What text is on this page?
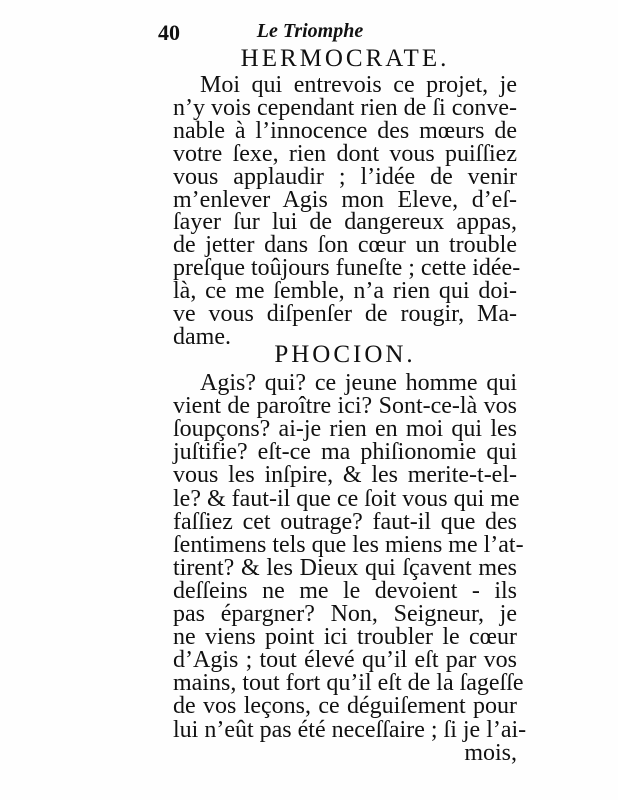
40	Le Triomphe
HERMOCRATE.
Moi qui entrevois ce projet, je
n’y vois cependant rien de ſi conve-
nable à l’innocence des mœurs de
votre ſexe, rien dont vous puiſſiez
vous applaudir ; l’idée de venir
m’enlever Agis mon Eleve, d’eſ-
ſayer ſur lui de dangereux appas,
de jetter dans ſon cœur un trouble
preſque toûjours funeſte ; cette idée-
là, ce me ſemble, n’a rien qui doi-
ve vous diſpenſer de rougir, Ma-
dame.
PHOCION.
Agis? qui? ce jeune homme qui
vient de paroître ici? Sont-ce-là vos
ſoupçons? ai-je rien en moi qui les
juſtifie? eſt-ce ma phiſionomie qui
vous les inſpire, & les merite-t-el-
le? & faut-il que ce ſoit vous qui me
faſſiez cet outrage? faut-il que des
ſentimens tels que les miens me l’at-
tirent? & les Dieux qui ſçavent mes
deſſeins ne me le devoient - ils
pas épargner? Non, Seigneur, je
ne viens point ici troubler le cœur
d’Agis ; tout élevé qu’il eſt par vos
mains, tout fort qu’il eſt de la ſageſſe
de vos leçons, ce déguiſement pour
lui n’eût pas été neceſſaire ; ſi je l’ai-
mois,
